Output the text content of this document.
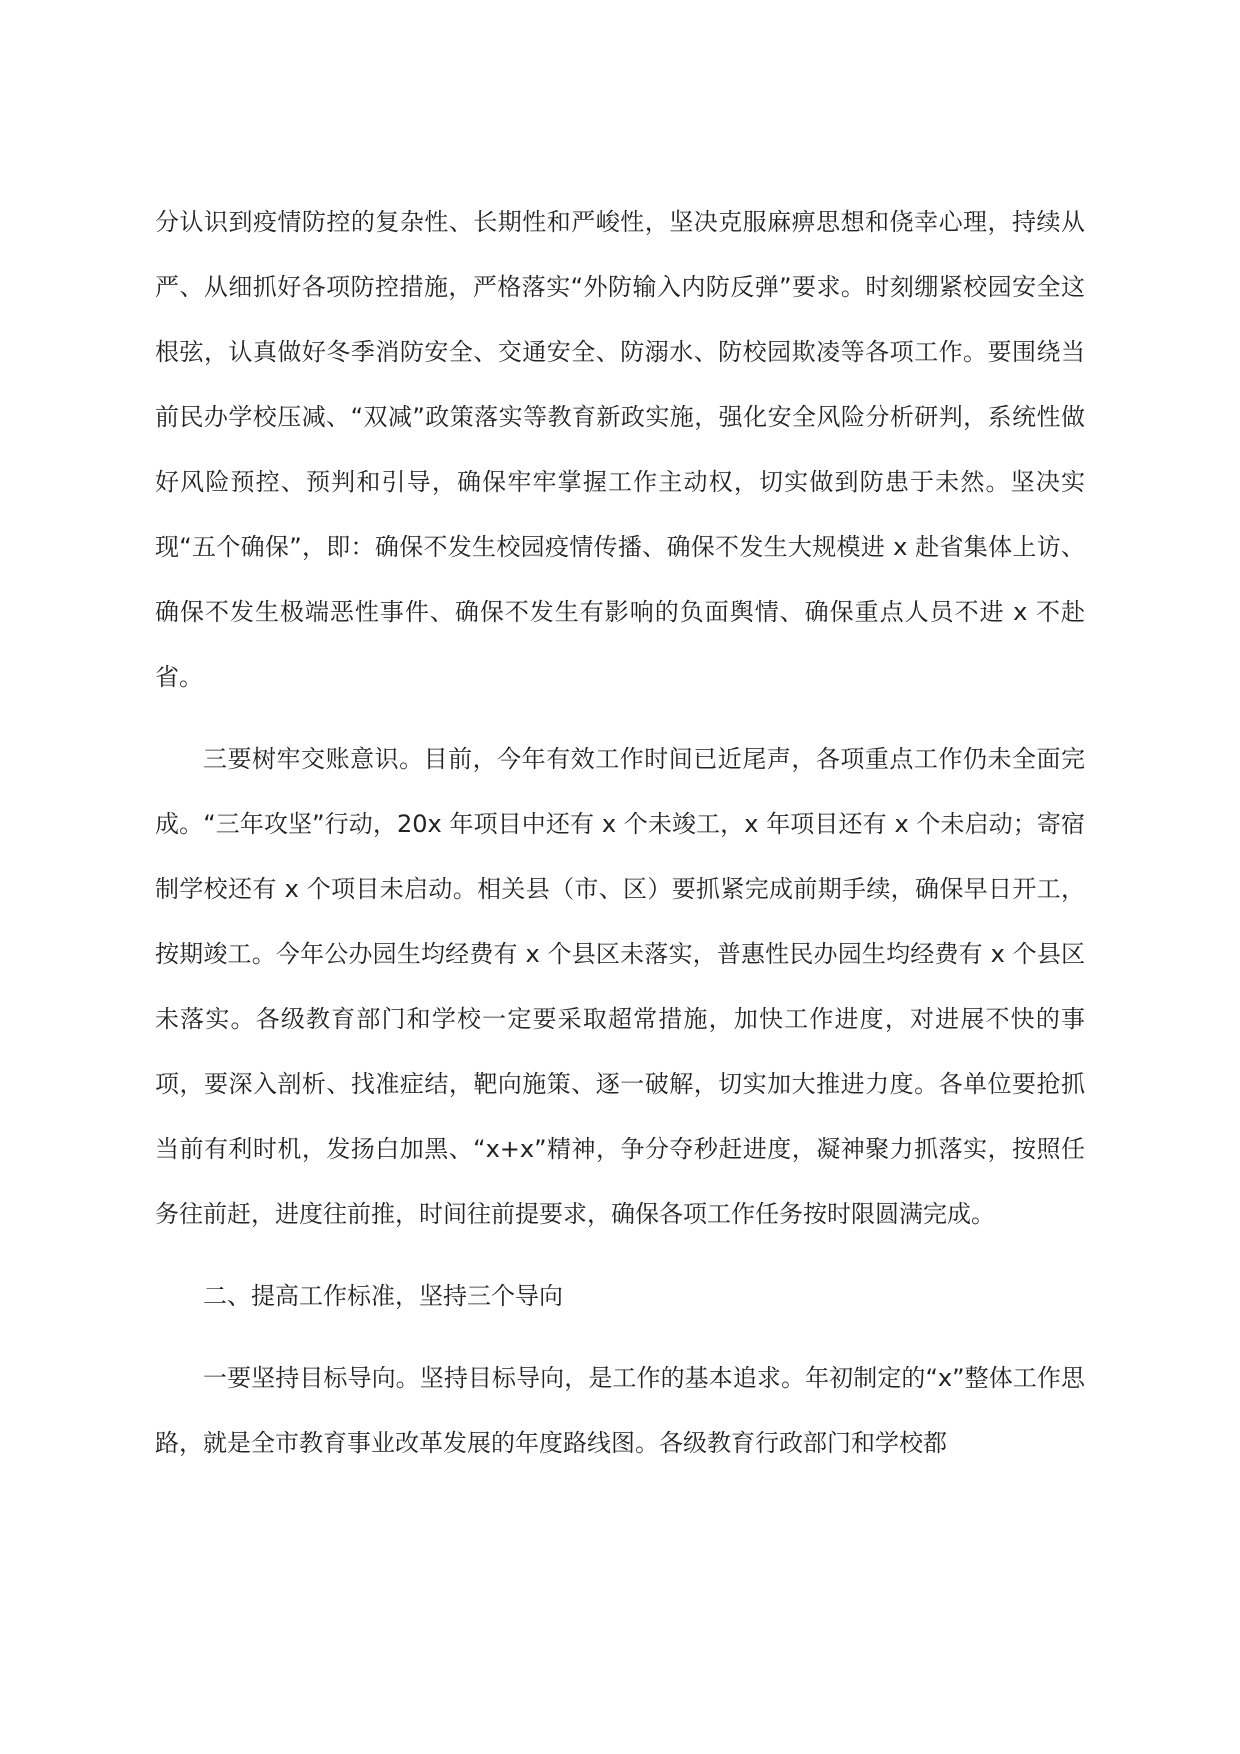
分认识到疫情防控的复杂性、长期性和严峻性，坚决克服麻痹思想和侥幸心理，持续从严、从细抓好各项防控措施，严格落实“外防输入内防反弹”要求。时刻绷紧校园安全这根弦，认真做好冬季消防安全、交通安全、防溺水、防校园欺凌等各项工作。要围绕当前民办学校压减、“双减”政策落实等教育新政实施，强化安全风险分析研判，系统性做好风险预控、预判和引导，确保牢牢掌握工作主动权，切实做到防患于未然。坚决实现“五个确保”，即：确保不发生校园疫情传播、确保不发生大规模进 x 赴省集体上访、确保不发生极端恶性事件、确保不发生有影响的负面舆情、确保重点人员不进 x 不赴省。

三要树牢交账意识。目前，今年有效工作时间已近尾声，各项重点工作仍未全面完成。“三年攻坚”行动，20x 年项目中还有 x 个未竣工，x 年项目还有 x 个未启动；寄宿制学校还有 x 个项目未启动。相关县（市、区）要抓紧完成前期手续，确保早日开工，按期竣工。今年公办园生均经费有 x 个县区未落实，普惠性民办园生均经费有 x 个县区未落实。各级教育部门和学校一定要采取超常措施，加快工作进度，对进展不快的事项，要深入剖析、找准症结，靶向施策、逐一破解，切实加大推进力度。各单位要抢抓当前有利时机，发扬白加黑、“x+x”精神，争分夺秒赶进度，凝神聚力抓落实，按照任务往前赶，进度往前推，时间往前提要求，确保各项工作任务按时限圆满完成。

二、提高工作标准，坚持三个导向

一要坚持目标导向。坚持目标导向，是工作的基本追求。年初制定的“x”整体工作思路，就是全市教育事业改革发展的年度路线图。各级教育行政部门和学校都
